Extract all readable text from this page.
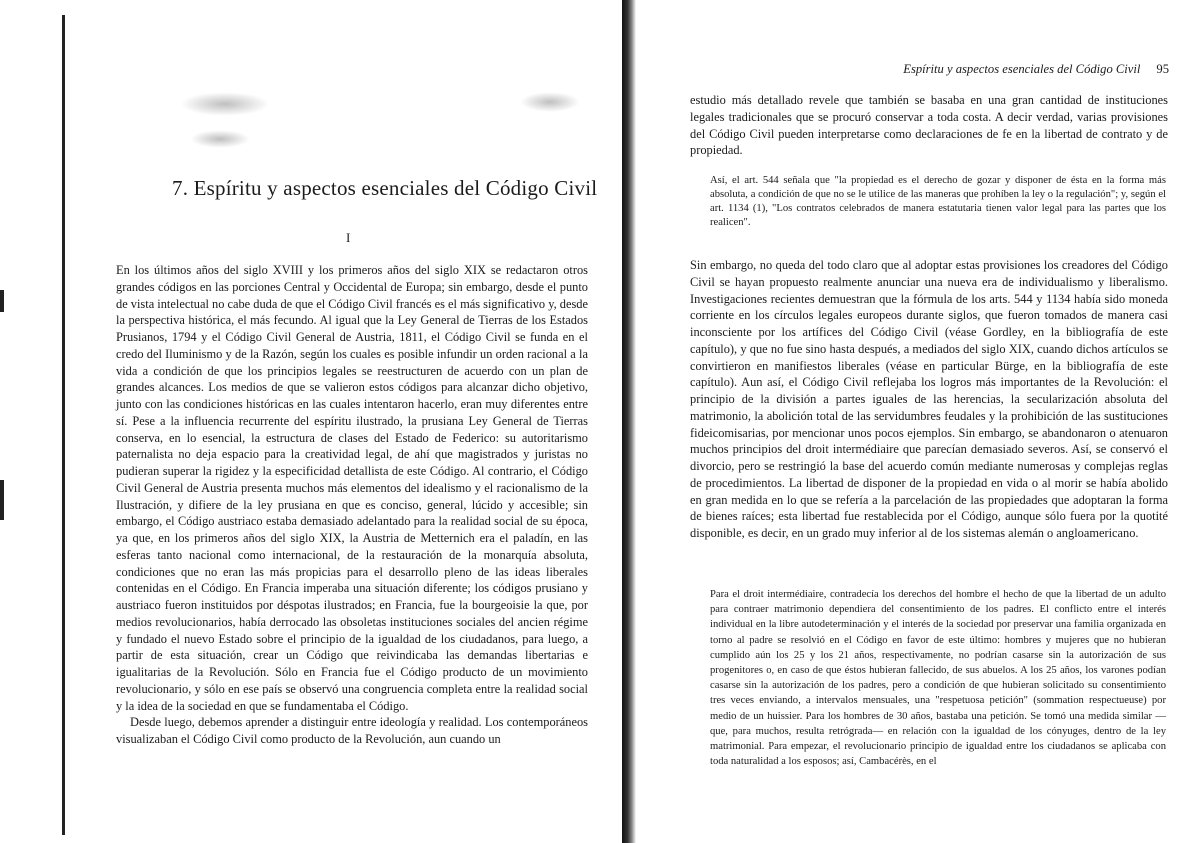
7. Espíritu y aspectos esenciales del Código Civil
I

En los últimos años del siglo XVIII y los primeros años del siglo XIX se redactaron otros grandes códigos en las porciones Central y Occidental de Europa; sin embargo, desde el punto de vista intelectual no cabe duda de que el Código Civil francés es el más significativo y, desde la perspectiva histórica, el más fecundo. Al igual que la Ley General de Tierras de los Estados Prusianos, 1794 y el Código Civil General de Austria, 1811, el Código Civil se funda en el credo del Iluminismo y de la Razón, según los cuales es posible infundir un orden racional a la vida a condición de que los principios legales se reestructuren de acuerdo con un plan de grandes alcances. Los medios de que se valieron estos códigos para alcanzar dicho objetivo, junto con las condiciones históricas en las cuales intentaron hacerlo, eran muy diferentes entre sí. Pese a la influencia recurrente del espíritu ilustrado, la prusiana Ley General de Tierras conserva, en lo esencial, la estructura de clases del Estado de Federico: su autoritarismo paternalista no deja espacio para la creatividad legal, de ahí que magistrados y juristas no pudieran superar la rigidez y la especificidad detallista de este Código. Al contrario, el Código Civil General de Austria presenta muchos más elementos del idealismo y el racionalismo de la Ilustración, y difiere de la ley prusiana en que es conciso, general, lúcido y accesible; sin embargo, el Código austriaco estaba demasiado adelantado para la realidad social de su época, ya que, en los primeros años del siglo XIX, la Austria de Metternich era el paladín, en las esferas tanto nacional como internacional, de la restauración de la monarquía absoluta, condiciones que no eran las más propicias para el desarrollo pleno de las ideas liberales contenidas en el Código. En Francia imperaba una situación diferente; los códigos prusiano y austriaco fueron instituidos por déspotas ilustrados; en Francia, fue la bourgeoisie la que, por medios revolucionarios, había derrocado las obsoletas instituciones sociales del ancien régime y fundado el nuevo Estado sobre el principio de la igualdad de los ciudadanos, para luego, a partir de esta situación, crear un Código que reivindicaba las demandas libertarias e igualitarias de la Revolución. Sólo en Francia fue el Código producto de un movimiento revolucionario, y sólo en ese país se observó una congruencia completa entre la realidad social y la idea de la sociedad en que se fundamentaba el Código.

Desde luego, debemos aprender a distinguir entre ideología y realidad. Los contemporáneos visualizaban el Código Civil como producto de la Revolución, aun cuando un

Espíritu y aspectos esenciales del Código Civil 95

estudio más detallado revele que también se basaba en una gran cantidad de instituciones legales tradicionales que se procuró conservar a toda costa. A decir verdad, varias provisiones del Código Civil pueden interpretarse como declaraciones de fe en la libertad de contrato y de propiedad.

Así, el art. 544 señala que "la propiedad es el derecho de gozar y disponer de ésta en la forma más absoluta, a condición de que no se le utilice de las maneras que prohíben la ley o la regulación"; y, según el art. 1134 (1), "Los contratos celebrados de manera estatutaria tienen valor legal para las partes que los realicen".

Sin embargo, no queda del todo claro que al adoptar estas provisiones los creadores del Código Civil se hayan propuesto realmente anunciar una nueva era de individualismo y liberalismo. Investigaciones recientes demuestran que la fórmula de los arts. 544 y 1134 había sido moneda corriente en los círculos legales europeos durante siglos, que fueron tomados de manera casi inconsciente por los artífices del Código Civil (véase Gordley, en la bibliografía de este capítulo), y que no fue sino hasta después, a mediados del siglo XIX, cuando dichos artículos se convirtieron en manifiestos liberales (véase en particular Bürge, en la bibliografía de este capítulo). Aun así, el Código Civil reflejaba los logros más importantes de la Revolución: el principio de la división a partes iguales de las herencias, la secularización absoluta del matrimonio, la abolición total de las servidumbres feudales y la prohibición de las sustituciones fideicomisarias, por mencionar unos pocos ejemplos. Sin embargo, se abandonaron o atenuaron muchos principios del droit intermédiaire que parecían demasiado severos. Así, se conservó el divorcio, pero se restringió la base del acuerdo común mediante numerosas y complejas reglas de procedimientos. La libertad de disponer de la propiedad en vida o al morir se había abolido en gran medida en lo que se refería a la parcelación de las propiedades que adoptaran la forma de bienes raíces; esta libertad fue restablecida por el Código, aunque sólo fuera por la quotité disponible, es decir, en un grado muy inferior al de los sistemas alemán o angloamericano.

Para el droit intermédiaire, contradecía los derechos del hombre el hecho de que la libertad de un adulto para contraer matrimonio dependiera del consentimiento de los padres. El conflicto entre el interés individual en la libre autodeterminación y el interés de la sociedad por preservar una familia organizada en torno al padre se resolvió en el Código en favor de este último: hombres y mujeres que no hubieran cumplido aún los 25 y los 21 años, respectivamente, no podrían casarse sin la autorización de sus progenitores o, en caso de que éstos hubieran fallecido, de sus abuelos. A los 25 años, los varones podían casarse sin la autorización de los padres, pero a condición de que hubieran solicitado su consentimiento tres veces enviando, a intervalos mensuales, una "respetuosa petición" (sommation respectueuse) por medio de un huissier. Para los hombres de 30 años, bastaba una petición. Se tomó una medida similar —que, para muchos, resulta retrógrada— en relación con la igualdad de los cónyuges, dentro de la ley matrimonial. Para empezar, el revolucionario principio de igualdad entre los ciudadanos se aplicaba con toda naturalidad a los esposos; así, Cambacérès, en el
